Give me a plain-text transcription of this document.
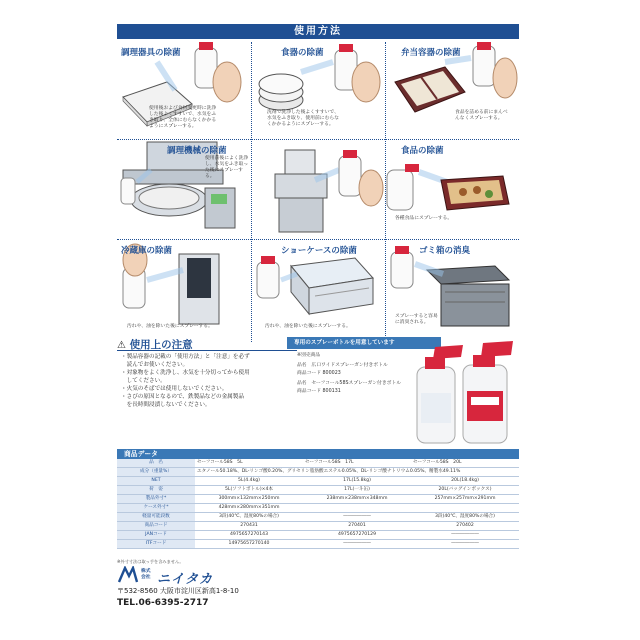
使用方法
調理器具の除菌
使用後および食材変更時に洗浄した後よくすすいで、水気をふき取り、全体にむらなくかかるようにスプレーする。
食器の除菌
洗剤で洗浄した後よくすすいで、水気をふき取り、使用前にむらなくかかるようにスプレーする。
弁当容器の除菌
食品を詰める前にまんべんなくスプレーする。
調理機械の除菌
使用前後によく洗浄し、水気をふき取った後にスプレーする。
食品の除菌
各種食品にスプレーする。
冷蔵庫の除菌
汚れや、油を除いた後にスプレーする。
ショーケースの除菌
汚れや、油を除いた後にスプレーする。
ゴミ箱の消臭
スプレーすると容易に消臭される。
⚠ 使用上の注意
・製品容器の記載の「使用方法」と「注意」を必ず
　読んでお使いください。
・対象物をよく洗浄し、水気を十分切ってから使用
　してください。
・火気のそばでは使用しないでください。
・さびの原因となるので、鉄製品などの金属製品
　を長時間浸漬しないでください。
専用のスプレーボトルを用意しています
※別売商品
品名　広口ワイドスプレーガン付きボトル
商品コード 800023
品名　セーフコール58Sスプレーガン付きボトル
商品コード 800131
商品データ
品　名	セーフコール58S　5L	セーフコール58S　17L	セーフコール58S　20L
成分（重量%）	エタノール50.18%、DL-リンゴ酸0.20%、グリセリン脂肪酸エステル0.05%、DL-リンゴ酸ナトリウム0.05%、精製水49.11%		
NET	5L(4.4kg)	17L(15.8kg)	20L(18.4kg)
荷　姿	5L(ソフトボトル)×4本	17L(一斗缶)	20L(バッグインボックス)
製品外寸*	300mm×132mm×250mm	238mm×238mm×348mm	257mm×257mm×291mm
ケース外寸*	428mm×280mm×351mm		
軽量可能段数	3段(40℃、湿度80%の場合)	――――――	3段(40℃、湿度80%の場合)
商品コード	270431	270401	270402
JANコード	4975657270143	4975657270129	――――――
ITFコード	14975657270140	――――――	――――――
※外寸寸法は取っ手を含みません。
株式会社 ニイタカ
〒532-8560 大阪市淀川区新高1-8-10
TEL.06-6395-2717
